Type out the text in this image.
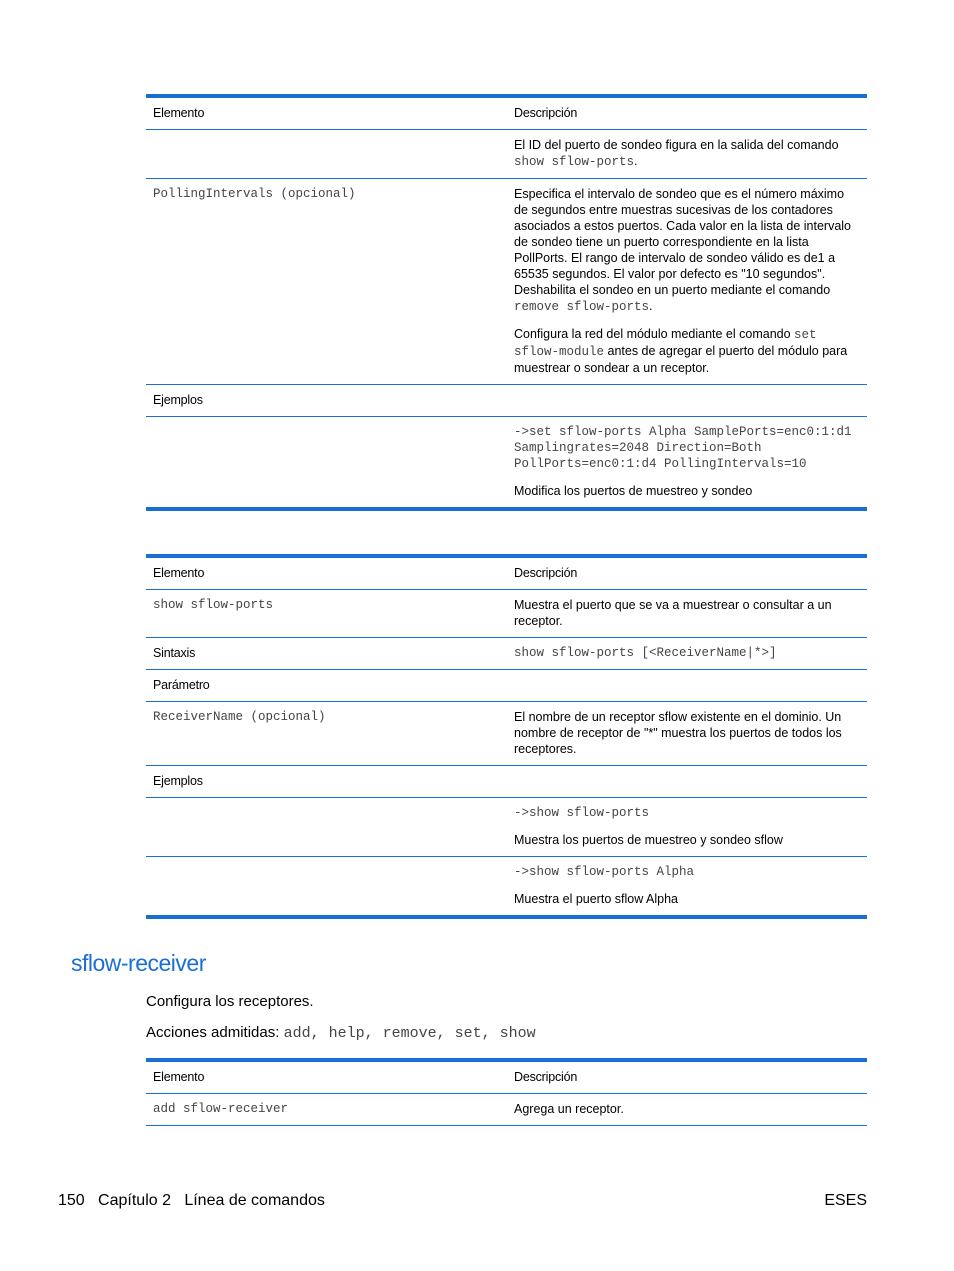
Elemento	Descripción
	El ID del puerto de sondeo figura en la salida del comando show sflow-ports.
PollingIntervals (opcional)	Especifica el intervalo de sondeo que es el número máximo de segundos entre muestras sucesivas de los contadores asociados a estos puertos. Cada valor en la lista de intervalo de sondeo tiene un puerto correspondiente en la lista PollPorts. El rango de intervalo de sondeo válido es de1 a 65535 segundos. El valor por defecto es "10 segundos". Deshabilita el sondeo en un puerto mediante el comando remove sflow-ports.

Configura la red del módulo mediante el comando set sflow-module antes de agregar el puerto del módulo para muestrear o sondear a un receptor.

Ejemplos	

	->set sflow-ports Alpha SamplePorts=enc0:1:d1 Samplingrates=2048 Direction=Both PollPorts=enc0:1:d4 PollingIntervals=10

Modifica los puertos de muestreo y sondeo

Elemento	Descripción
show sflow-ports	Muestra el puerto que se va a muestrear o consultar a un receptor.
Sintaxis	show sflow-ports [<ReceiverName|*>]
Parámetro	
ReceiverName (opcional)	El nombre de un receptor sflow existente en el dominio. Un nombre de receptor de "*" muestra los puertos de todos los receptores.
Ejemplos	

	->show sflow-ports

Muestra los puertos de muestreo y sondeo sflow

	->show sflow-ports Alpha

Muestra el puerto sflow Alpha

sflow-receiver

Configura los receptores.

Acciones admitidas: add, help, remove, set, show

Elemento	Descripción
add sflow-receiver	Agrega un receptor.
150 Capítulo 2 Línea de comandos	ESES
